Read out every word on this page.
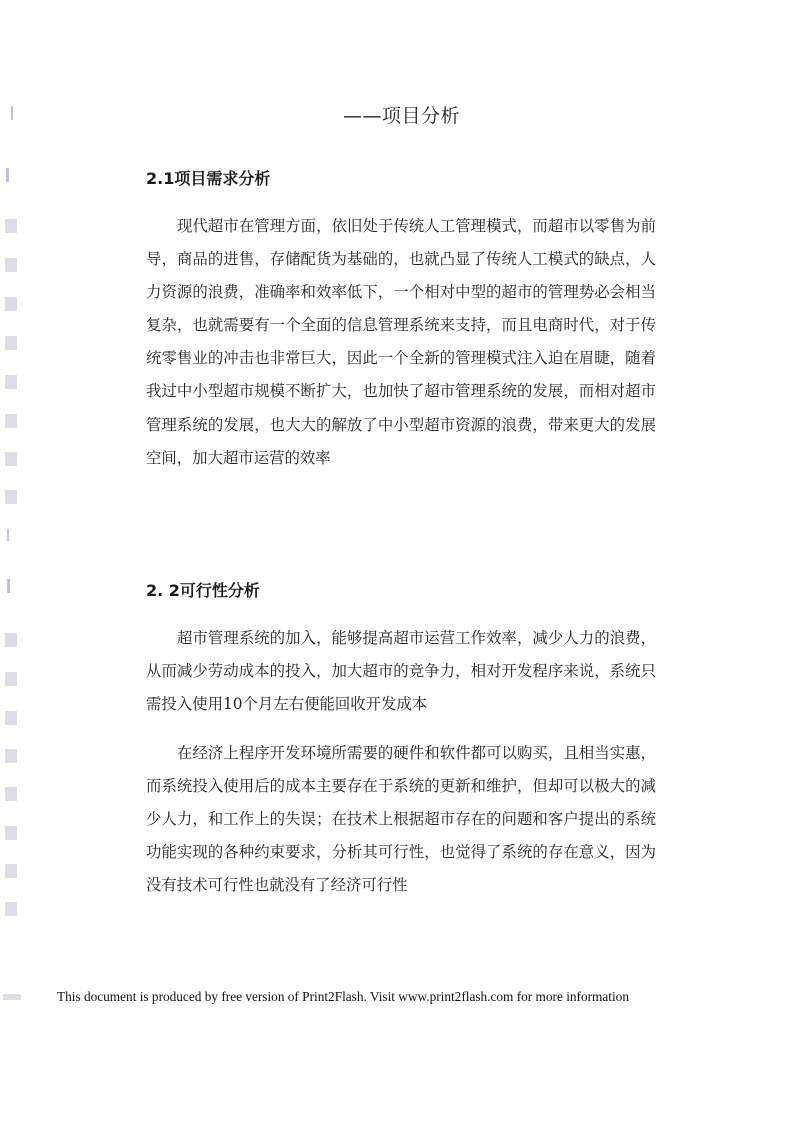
——项目分析
2.1项目需求分析

现代超市在管理方面，依旧处于传统人工管理模式，而超市以零售为前导，商品的进售，存储配货为基础的，也就凸显了传统人工模式的缺点，人力资源的浪费，准确率和效率低下，一个相对中型的超市的管理势必会相当复杂，也就需要有一个全面的信息管理系统来支持，而且电商时代，对于传统零售业的冲击也非常巨大，因此一个全新的管理模式注入迫在眉睫，随着我过中小型超市规模不断扩大，也加快了超市管理系统的发展，而相对超市管理系统的发展，也大大的解放了中小型超市资源的浪费，带来更大的发展空间，加大超市运营的效率

2. 2可行性分析

超市管理系统的加入，能够提高超市运营工作效率，减少人力的浪费，从而减少劳动成本的投入，加大超市的竞争力，相对开发程序来说，系统只需投入使用10个月左右便能回收开发成本

在经济上程序开发环境所需要的硬件和软件都可以购买，且相当实惠，而系统投入使用后的成本主要存在于系统的更新和维护，但却可以极大的减少人力，和工作上的失误；在技术上根据超市存在的问题和客户提出的系统功能实现的各种约束要求，分析其可行性，也觉得了系统的存在意义，因为没有技术可行性也就没有了经济可行性

This document is produced by free version of Print2Flash. Visit www.print2flash.com for more information
